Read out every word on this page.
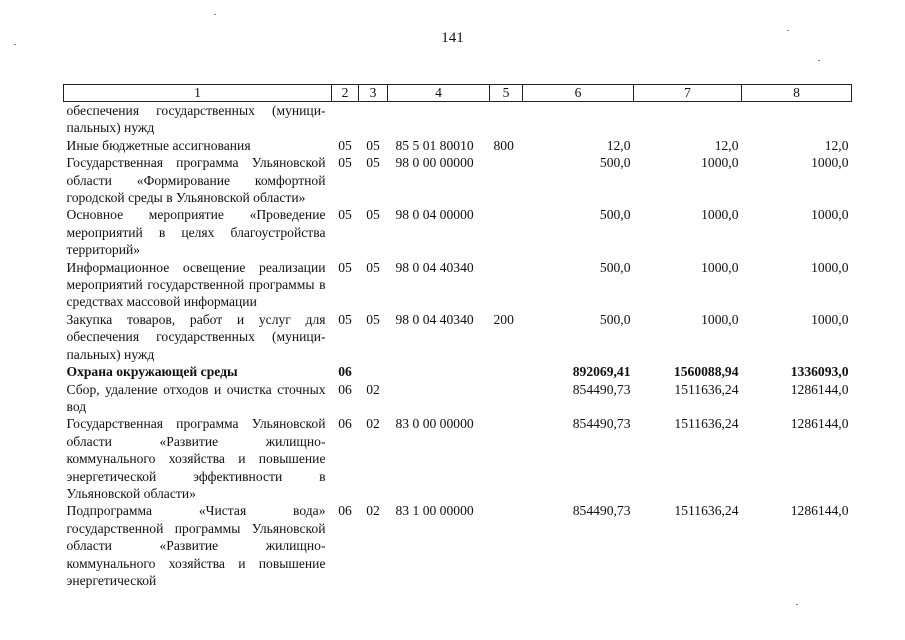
141
1	2	3	4	5	6	7	8
обеспечения государственных (муници-пальных) нужд							
Иные бюджетные ассигнования	05	05	85 5 01 80010	800	12,0	12,0	12,0
Государственная программа Ульяновской области «Формирование комфортной городской среды в Ульяновской области»	05	05	98 0 00 00000		500,0	1000,0	1000,0
Основное мероприятие «Проведение мероприятий в целях благоустройства территорий»	05	05	98 0 04 00000		500,0	1000,0	1000,0
Информационное освещение реализации мероприятий государственной программы в средствах массовой информации	05	05	98 0 04 40340		500,0	1000,0	1000,0
Закупка товаров, работ и услуг для обеспечения государственных (муници-пальных) нужд	05	05	98 0 04 40340	200	500,0	1000,0	1000,0
Охрана окружающей среды	06				892069,41	1560088,94	1336093,0
Сбор, удаление отходов и очистка сточных вод	06	02			854490,73	1511636,24	1286144,0
Государственная программа Ульяновской области «Развитие жилищно-коммунального хозяйства и повышение энергетической эффективности в Ульяновской области»	06	02	83 0 00 00000		854490,73	1511636,24	1286144,0
Подпрограмма «Чистая вода» государственной программы Ульяновской области «Развитие жилищно-коммунального хозяйства и повышение энергетической	06	02	83 1 00 00000		854490,73	1511636,24	1286144,0
